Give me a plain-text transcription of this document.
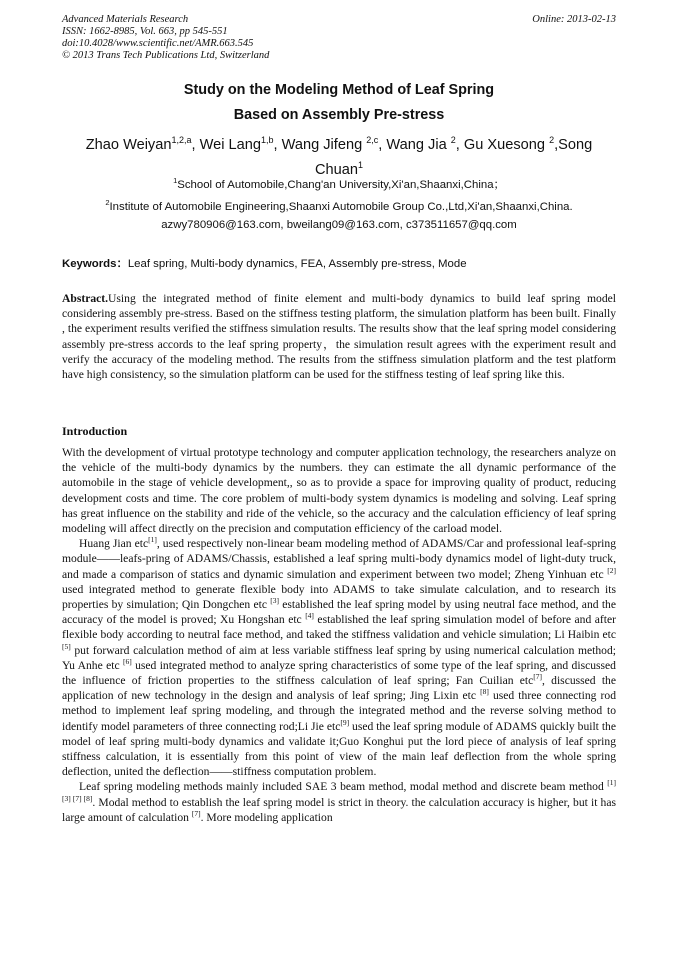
Advanced Materials Research
ISSN: 1662-8985, Vol. 663, pp 545-551
doi:10.4028/www.scientific.net/AMR.663.545
© 2013 Trans Tech Publications Ltd, Switzerland
Online: 2013-02-13
Study on the Modeling Method of Leaf Spring
Based on Assembly Pre-stress
Zhao Weiyan$^{1,2,a}$, Wei Lang$^{1,b}$, Wang Jifeng $^{2,c}$, Wang Jia $^2$, Gu Xuesong $^2$,Song Chuan$^1$
$^1$School of Automobile,Chang'an University,Xi'an,Shaanxi,China；
$^2$Institute of Automobile Engineering,Shaanxi Automobile Group Co.,Ltd,Xi'an,Shaanxi,China.
azwy780906@163.com, bweilang09@163.com, c373511657@qq.com
Keywords：Leaf spring, Multi-body dynamics, FEA, Assembly pre-stress, Mode
Abstract.Using the integrated method of finite element and multi-body dynamics to build leaf spring model considering assembly pre-stress. Based on the stiffness testing platform, the simulation platform has been built. Finally , the experiment results verified the stiffness simulation results. The results show that the leaf spring model considering assembly pre-stress accords to the leaf spring property，the simulation result agrees with the experiment result and verify the accuracy of the modeling method. The results from the stiffness simulation platform and the test platform have high consistency, so the simulation platform can be used for the stiffness testing of leaf spring like this.
Introduction

With the development of virtual prototype technology and computer application technology, the researchers analyze on the vehicle of the multi-body dynamics by the numbers. they can estimate the all dynamic performance of the automobile in the stage of vehicle development,, so as to provide a space for improving quality of product, reducing development costs and time. The core problem of multi-body system dynamics is modeling and solving. Leaf spring has great influence on the stability and ride of the vehicle, so the accuracy and the calculation efficiency of leaf spring modeling will affect directly on the precision and computation efficiency of the carload model.

Huang Jian etc[1], used respectively non-linear beam modeling method of ADAMS/Car and professional leaf-spring module——leafs-pring of ADAMS/Chassis, established a leaf spring multi-body dynamics model of light-duty truck, and made a comparison of statics and dynamic simulation and experiment between two model; Zheng Yinhuan etc [2] used integrated method to generate flexible body into ADAMS to take simulate calculation, and to research its properties by simulation; Qin Dongchen etc [3] established the leaf spring model by using neutral face method, and the accuracy of the model is proved; Xu Hongshan etc [4] established the leaf spring simulation model of before and after flexible body according to neutral face method, and taked the stiffness validation and vehicle simulation; Li Haibin etc [5] put forward calculation method of aim at less variable stiffness leaf spring by using numerical calculation method; Yu Anhe etc [6] used integrated method to analyze spring characteristics of some type of the leaf spring, and discussed the influence of friction properties to the stiffness calculation of leaf spring; Fan Cuilian etc[7], discussed the application of new technology in the design and analysis of leaf spring; Jing Lixin etc [8] used three connecting rod method to implement leaf spring modeling, and through the integrated method and the reverse solving method to identify model parameters of three connecting rod;Li Jie etc[9] used the leaf spring module of ADAMS quickly built the model of leaf spring multi-body dynamics and validate it;Guo Konghui put the lord piece of analysis of leaf spring stiffness calculation, it is essentially from this point of view of the main leaf deflection from the whole spring deflection, united the deflection——stiffness computation problem.

Leaf spring modeling methods mainly included SAE 3 beam method, modal method and discrete beam method [1] [3] [7] [8]. Modal method to establish the leaf spring model is strict in theory. the calculation accuracy is higher, but it has large amount of calculation [7]. More modeling application
